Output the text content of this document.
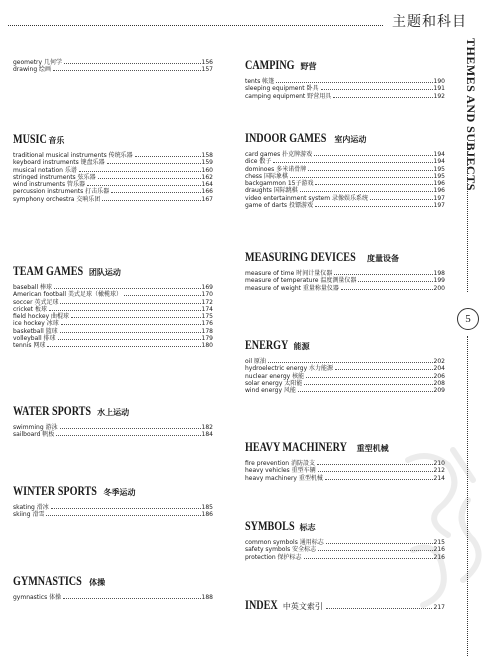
主题和科目
THEMES AND SUBJECTS
5
geometry 几何学	156
drawing 绘画	157
MUSIC 音乐
traditional musical instruments 传统乐器	158
keyboard instruments 键盘乐器	159
musical notation 乐谱	160
stringed instruments 弦乐器	162
wind instruments 管乐器	164
percussion instruments 打击乐器	166
symphony orchestra 交响乐团	167
TEAM GAMES 团队运动
baseball 棒球	169
American football 美式足球（橄榄球）	170
soccer 英式足球	172
cricket 板球	174
field hockey 曲棍球	175
ice hockey 冰球	176
basketball 篮球	178
volleyball 排球	179
tennis 网球	180
WATER SPORTS 水上运动
swimming 游泳	182
sailboard 帆板	184
WINTER SPORTS 冬季运动
skating 滑冰	185
skiing 滑雪	186
GYMNASTICS 体操
gymnastics 体操	188
CAMPING 野营
tents 帐篷	190
sleeping equipment 卧具	191
camping equipment 野营用具	192
INDOOR GAMES 室内运动
card games 扑克牌游戏	194
dice 骰子	194
dominoes 多米诺骨牌	195
chess 国际象棋	195
backgammon 15子游戏	196
draughts 国际跳棋	196
video entertainment system 录像娱乐系统	197
game of darts 投镖游戏	197
MEASURING DEVICES 度量设备
measure of time 时间计量仪器	198
measure of temperature 温度测量仪器	199
measure of weight 重量称量仪器	200
ENERGY 能源
oil 原油	202
hydroelectric energy 水力能源	204
nuclear energy 核能	206
solar energy 太阳能	208
wind energy 风能	209
HEAVY MACHINERY 重型机械
fire prevention 消防設支	210
heavy vehicles 重型车辆	212
heavy machinery 重型机械	214
SYMBOLS 标志
common symbols 通用标志	215
safety symbols 安全标志	216
protection 保护标志	216
INDEX 中英文索引	217
